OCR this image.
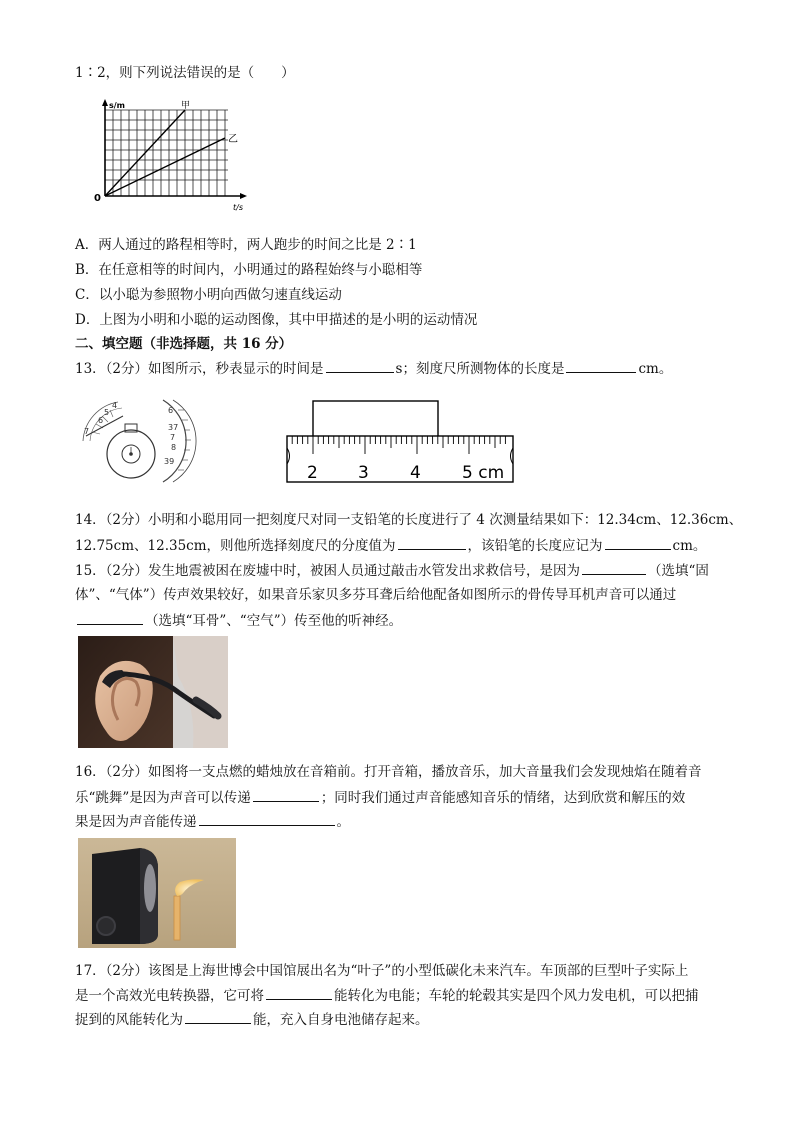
1∶2，则下列说法错误的是（　　）
s/m
t/s
0
甲
乙
A．两人通过的路程相等时，两人跑步的时间之比是 2∶1
B．在任意相等的时间内，小明通过的路程始终与小聪相等
C．以小聪为参照物小明向西做匀速直线运动
D．上图为小明和小聪的运动图像，其中甲描述的是小明的运动情况
二、填空题（非选择题，共 16 分）
13．（2分）如图所示，秒表显示的时间是	s；刻度尺所测物体的长度是	cm。
4
5
6
7
6
37
7
8
39
2 3 4 5 cm
14．（2分）小明和小聪用同一把刻度尺对同一支铅笔的长度进行了 4 次测量结果如下：12.34cm、12.36cm、
12.75cm、12.35cm，则他所选择刻度尺的分度值为	，该铅笔的长度应记为	cm。
15．（2分）发生地震被困在废墟中时，被困人员通过敲击水管发出求救信号，是因为	（选填“固
体”、“气体”）传声效果较好，如果音乐家贝多芬耳聋后给他配备如图所示的骨传导耳机声音可以通过
（选填“耳骨”、“空气”）传至他的听神经。
16．（2分）如图将一支点燃的蜡烛放在音箱前。打开音箱，播放音乐，加大音量我们会发现烛焰在随着音
乐“跳舞”是因为声音可以传递	；同时我们通过声音能感知音乐的情绪，达到欣赏和解压的效
果是因为声音能传递	。
17．（2分）该图是上海世博会中国馆展出名为“叶子”的小型低碳化未来汽车。车顶部的巨型叶子实际上
是一个高效光电转换器，它可将	能转化为电能；车轮的轮毂其实是四个风力发电机，可以把捕
捉到的风能转化为	能，充入自身电池储存起来。
